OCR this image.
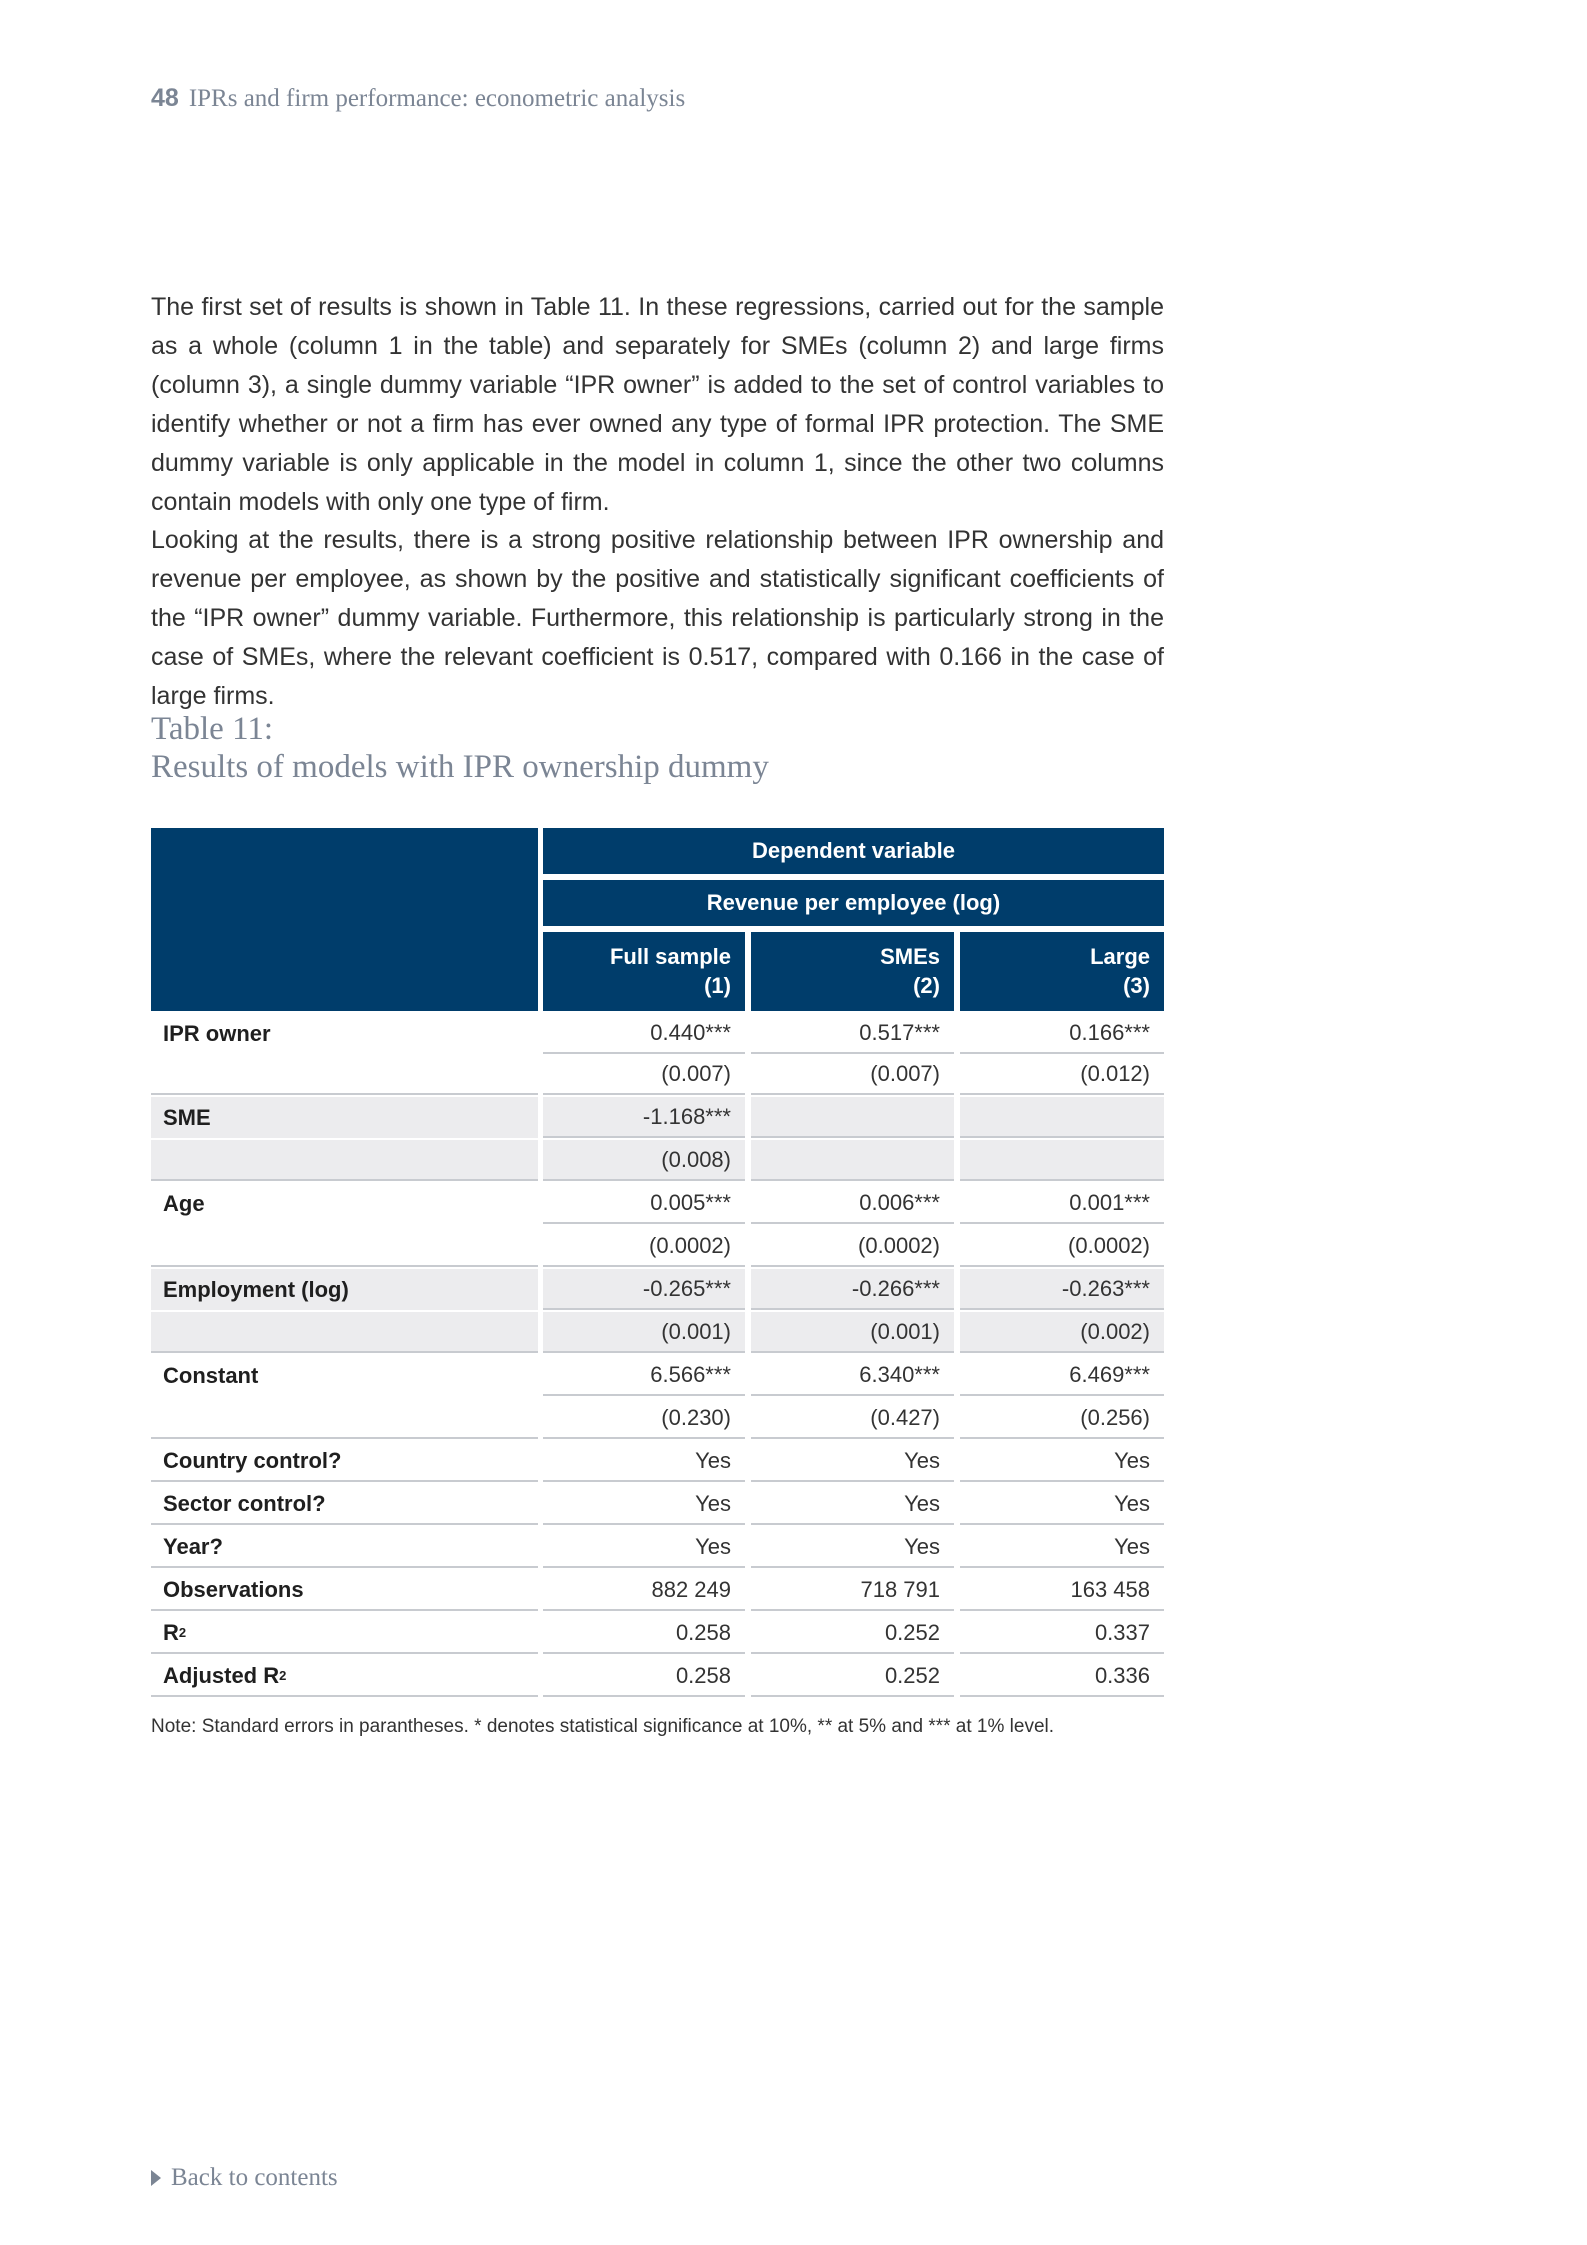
48 IPRs and firm performance: econometric analysis

The first set of results is shown in Table 11. In these regressions, carried out for the sample as a whole (column 1 in the table) and separately for SMEs (column 2) and large firms (column 3), a single dummy variable “IPR owner” is added to the set of control variables to identify whether or not a firm has ever owned any type of formal IPR protection. The SME dummy variable is only applicable in the model in column 1, since the other two columns contain models with only one type of firm.

Looking at the results, there is a strong positive relationship between IPR ownership and revenue per employee, as shown by the positive and statistically significant coefficients of the “IPR owner” dummy variable. Furthermore, this relationship is particularly strong in the case of SMEs, where the relevant coefficient is 0.517, compared with 0.166 in the case of large firms.

Table 11:
Results of models with IPR ownership dummy
Dependent variable
Revenue per employee (log)
Full sample
(1)
SMEs
(2)
Large
(3)
IPR owner	0.440***	0.517***	0.166***
(0.007)	(0.007)	(0.012)
SME	-1.168***
(0.008)
Age	0.005***	0.006***	0.001***
(0.0002)	(0.0002)	(0.0002)
Employment (log)	-0.265***	-0.266***	-0.263***
(0.001)	(0.001)	(0.002)
Constant	6.566***	6.340***	6.469***
(0.230)	(0.427)	(0.256)
Country control?	Yes	Yes	Yes
Sector control?	Yes	Yes	Yes
Year?	Yes	Yes	Yes
Observations	882 249	718 791	163 458
R 2	0.258	0.252	0.337
Adjusted R 2	0.258	0.252	0.336
Note: Standard errors in parantheses. * denotes statistical significance at 10%, ** at 5% and *** at 1% level.
Back to contents
